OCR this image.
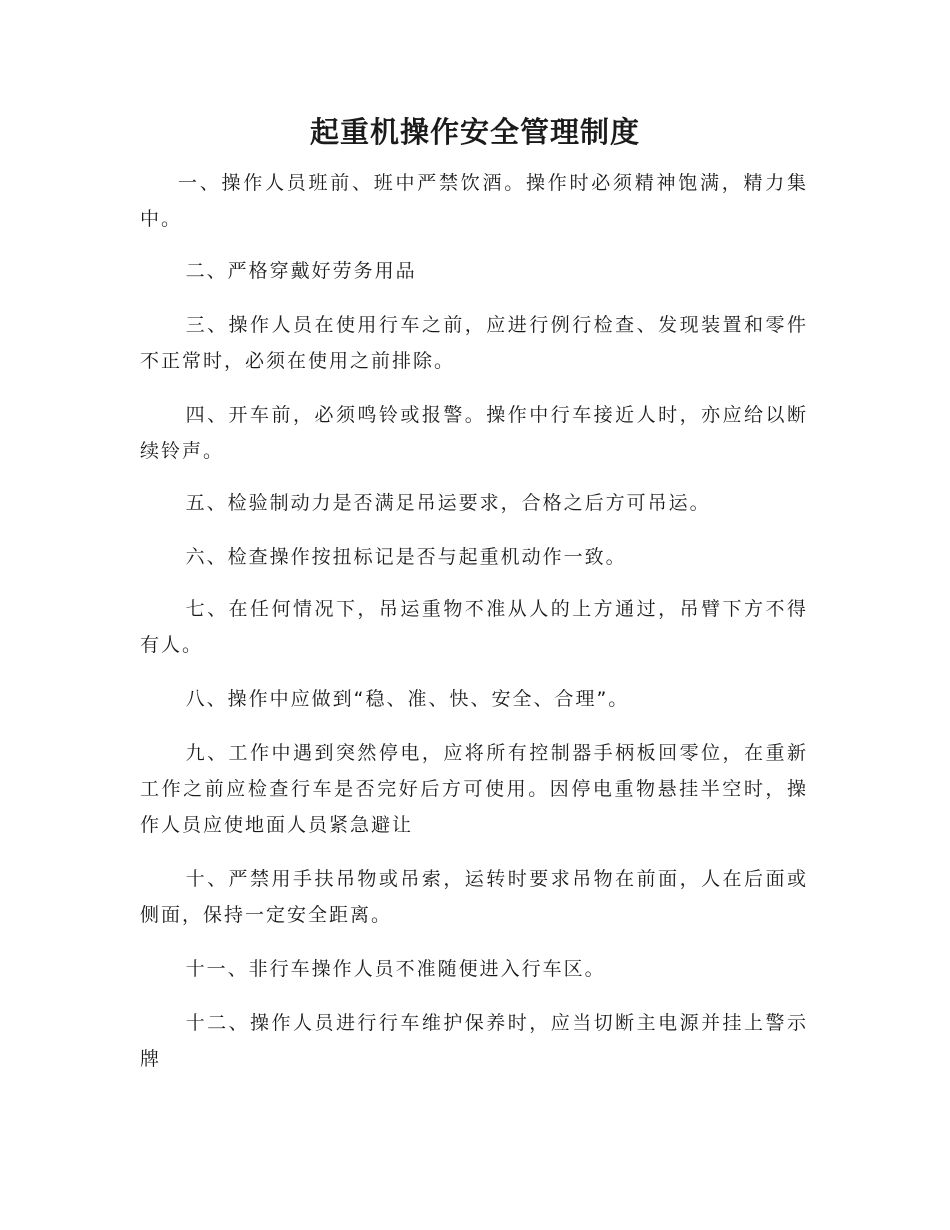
起重机操作安全管理制度

一、操作人员班前、班中严禁饮酒。操作时必须精神饱满，精力集中。

二、严格穿戴好劳务用品

三、操作人员在使用行车之前，应进行例行检查、发现装置和零件不正常时，必须在使用之前排除。

四、开车前，必须鸣铃或报警。操作中行车接近人时，亦应给以断续铃声。

五、检验制动力是否满足吊运要求，合格之后方可吊运。

六、检查操作按扭标记是否与起重机动作一致。

七、在任何情况下，吊运重物不准从人的上方通过，吊臂下方不得有人。

八、操作中应做到“稳、准、快、安全、合理”。

九、工作中遇到突然停电，应将所有控制器手柄板回零位，在重新工作之前应检查行车是否完好后方可使用。因停电重物悬挂半空时，操作人员应使地面人员紧急避让

十、严禁用手扶吊物或吊索，运转时要求吊物在前面，人在后面或侧面，保持一定安全距离。

十一、非行车操作人员不准随便进入行车区。

十二、操作人员进行行车维护保养时，应当切断主电源并挂上警示牌
